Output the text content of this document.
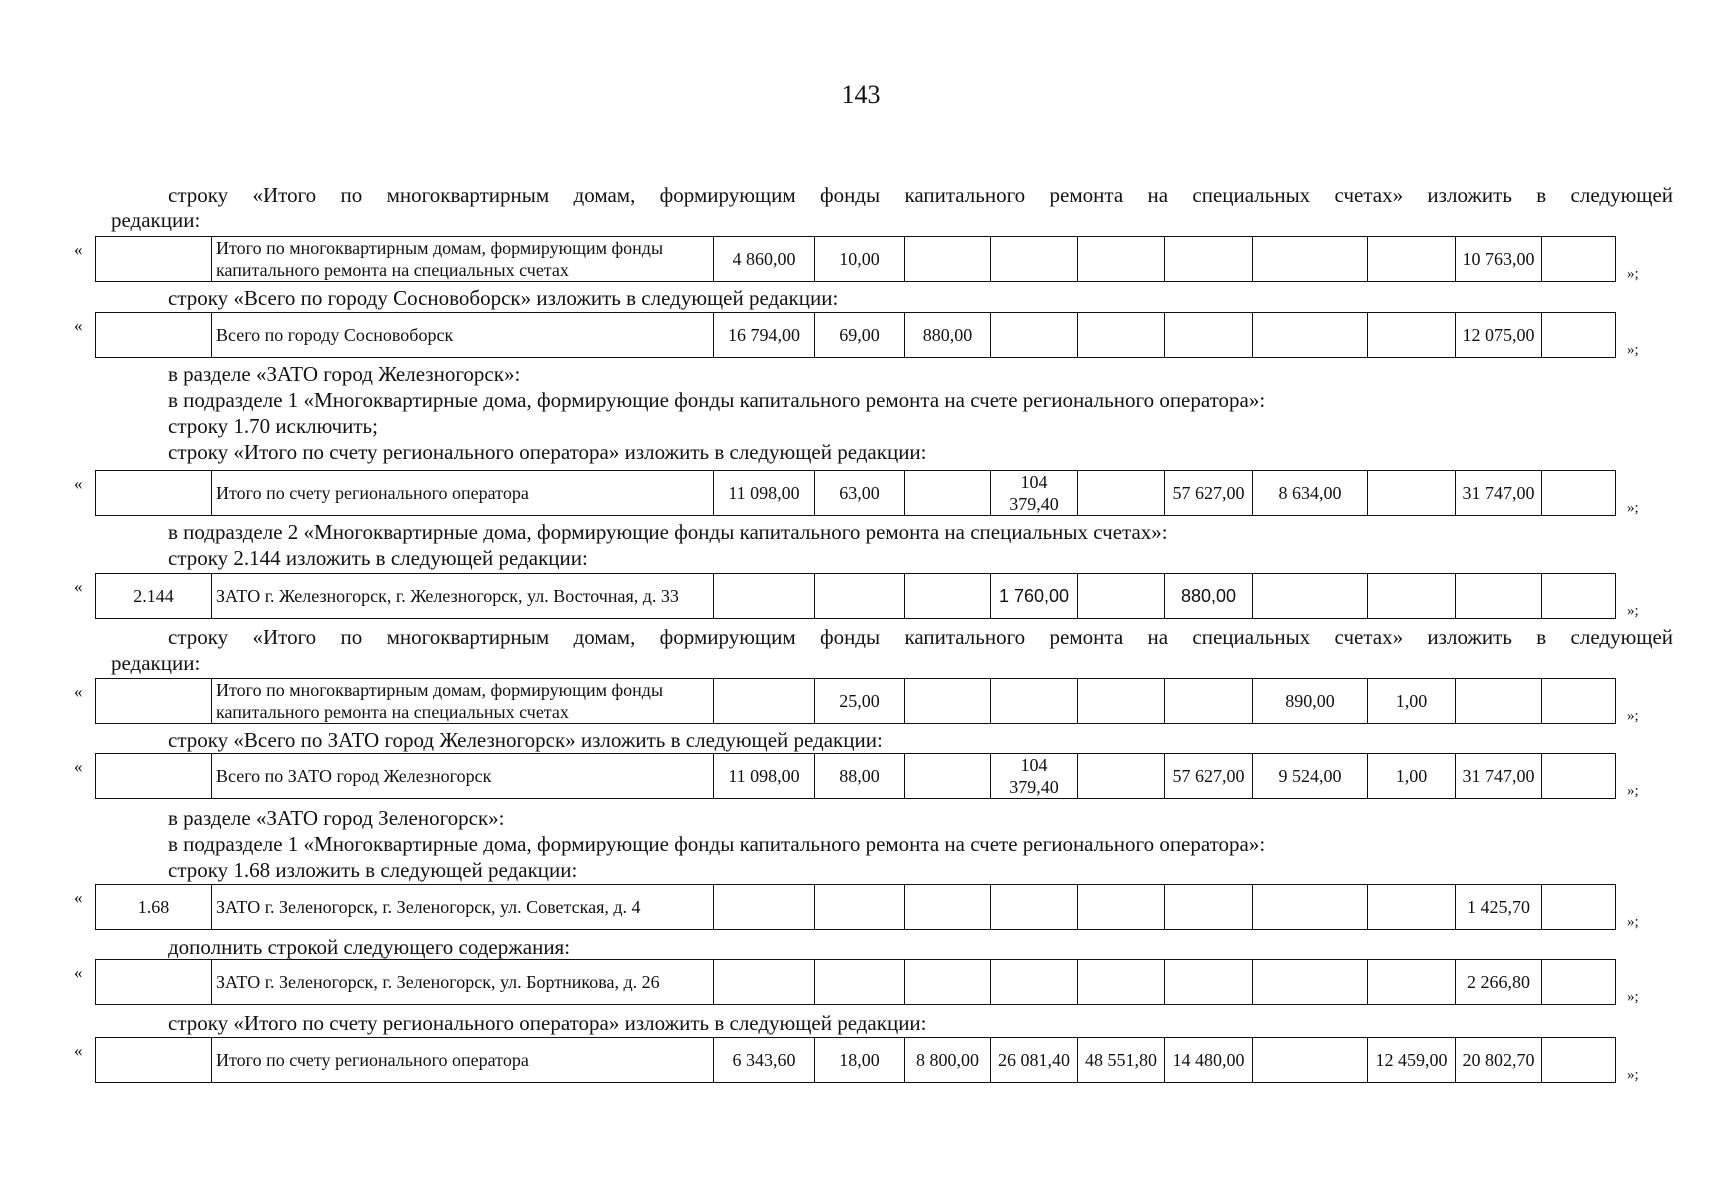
143
строку «Итого по многоквартирным домам, формирующим фонды капитального ремонта на специальных счетах» изложить в следующей
редакции:
«
		Итого по многоквартирным домам, формирующим фонды капитального ремонта на специальных счетах	4 860,00	10,00							10 763,00	
»;
строку «Всего по городу Сосновоборск» изложить в следующей редакции:
«
		Всего по городу Сосновоборск	16 794,00	69,00	880,00						12 075,00	
»;
в разделе «ЗАТО город Железногорск»:
в подразделе 1 «Многоквартирные дома, формирующие фонды капитального ремонта на счете регионального оператора»:
строку 1.70 исключить;
строку «Итого по счету регионального оператора» изложить в следующей редакции:
«
		Итого по счету регионального оператора	11 098,00	63,00		104 379,40		57 627,00	8 634,00		31 747,00	
»;
в подразделе 2 «Многоквартирные дома, формирующие фонды капитального ремонта на специальных счетах»:
строку 2.144 изложить в следующей редакции:
«	2.144	ЗАТО г. Железногорск, г. Железногорск, ул. Восточная, д. 33				1 760,00		880,00				
»;
строку «Итого по многоквартирным домам, формирующим фонды капитального ремонта на специальных счетах» изложить в следующей
редакции:
«
		Итого по многоквартирным домам, формирующим фонды капитального ремонта на специальных счетах		25,00					890,00	1,00		
»;
строку «Всего по ЗАТО город Железногорск» изложить в следующей редакции:
«
		Всего по ЗАТО город Железногорск	11 098,00	88,00		104 379,40		57 627,00	9 524,00	1,00	31 747,00	
»;
в разделе «ЗАТО город Зеленогорск»:
в подразделе 1 «Многоквартирные дома, формирующие фонды капитального ремонта на счете регионального оператора»:
строку 1.68 изложить в следующей редакции:
«	1.68	ЗАТО г. Зеленогорск, г. Зеленогорск, ул. Советская, д. 4									1 425,70	
»;
дополнить строкой следующего содержания:
«
		ЗАТО г. Зеленогорск, г. Зеленогорск, ул. Бортникова, д. 26									2 266,80	
»;
строку «Итого по счету регионального оператора» изложить в следующей редакции:
«
		Итого по счету регионального оператора	6 343,60	18,00	8 800,00	26 081,40	48 551,80	14 480,00		12 459,00	20 802,70	
»;
